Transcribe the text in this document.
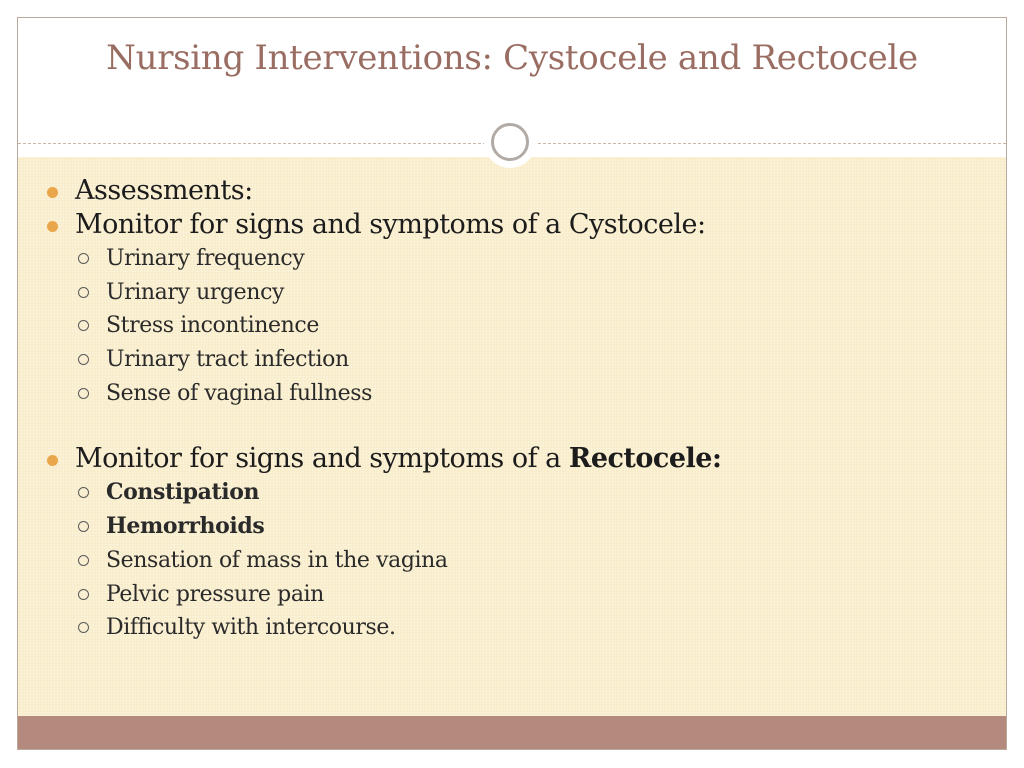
Nursing Interventions: Cystocele and Rectocele
Assessments:
Monitor for signs and symptoms of a Cystocele:
Urinary frequency
Urinary urgency
Stress incontinence
Urinary tract infection
Sense of vaginal fullness
Monitor for signs and symptoms of a Rectocele:
Constipation
Hemorrhoids
Sensation of mass in the vagina
Pelvic pressure pain
Difficulty with intercourse.
